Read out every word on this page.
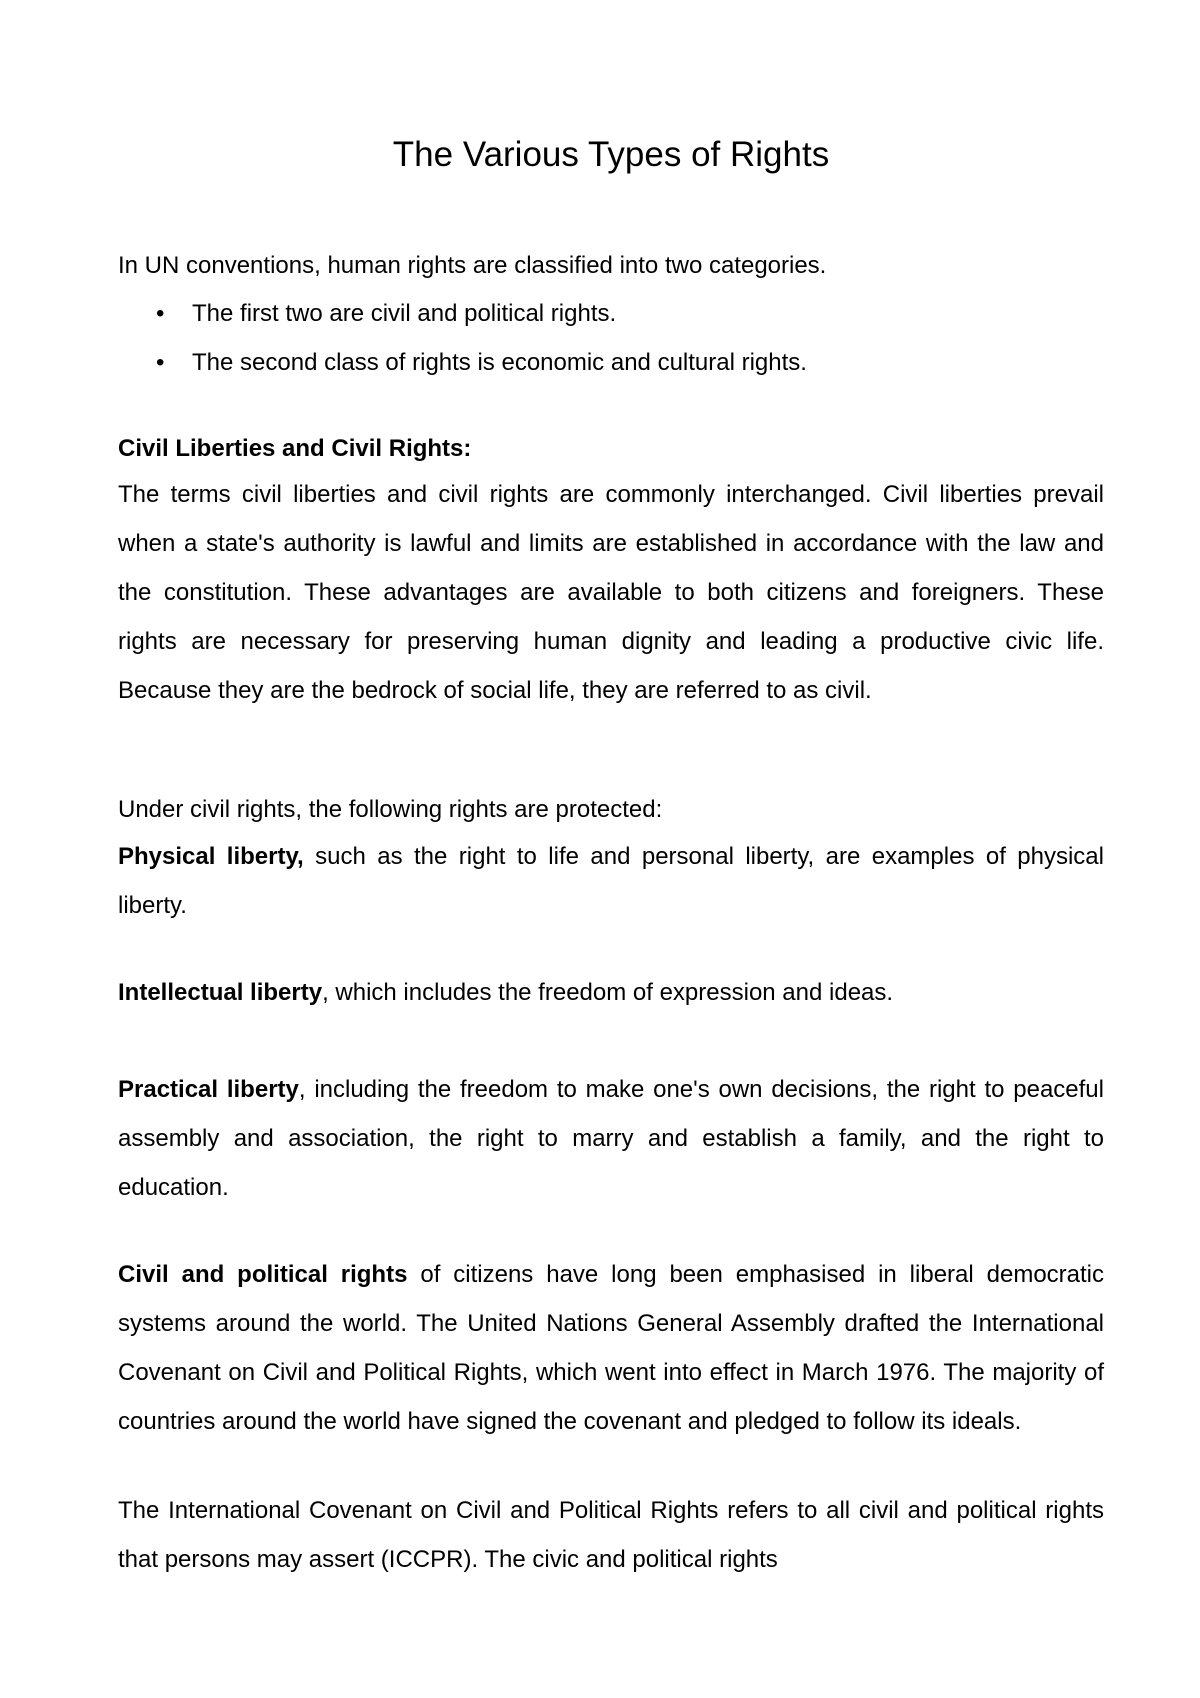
The Various Types of Rights

In UN conventions, human rights are classified into two categories.

• The first two are civil and political rights.
• The second class of rights is economic and cultural rights.

Civil Liberties and Civil Rights:

The terms civil liberties and civil rights are commonly interchanged. Civil liberties prevail when a state's authority is lawful and limits are established in accordance with the law and the constitution. These advantages are available to both citizens and foreigners. These rights are necessary for preserving human dignity and leading a productive civic life. Because they are the bedrock of social life, they are referred to as civil.

Under civil rights, the following rights are protected:

Physical liberty, such as the right to life and personal liberty, are examples of physical liberty.

Intellectual liberty, which includes the freedom of expression and ideas.

Practical liberty, including the freedom to make one's own decisions, the right to peaceful assembly and association, the right to marry and establish a family, and the right to education.

Civil and political rights of citizens have long been emphasised in liberal democratic systems around the world. The United Nations General Assembly drafted the International Covenant on Civil and Political Rights, which went into effect in March 1976. The majority of countries around the world have signed the covenant and pledged to follow its ideals.

The International Covenant on Civil and Political Rights refers to all civil and political rights that persons may assert (ICCPR). The civic and political rights
